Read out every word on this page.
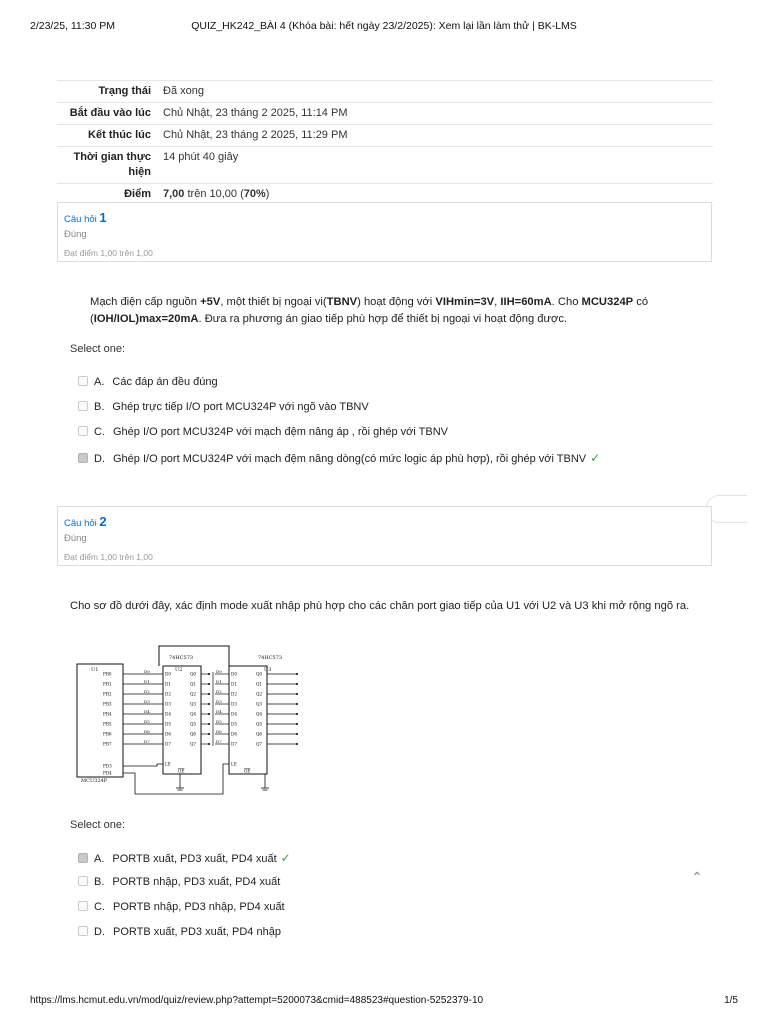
2/23/25, 11:30 PM	QUIZ_HK242_BÀI 4 (Khóa bài: hết ngày 23/2/2025): Xem lại lần làm thử | BK-LMS
Trạng thái	Đã xong
Bắt đầu vào lúc	Chủ Nhật, 23 tháng 2 2025, 11:14 PM
Kết thúc lúc	Chủ Nhật, 23 tháng 2 2025, 11:29 PM
Thời gian thực hiện	14 phút 40 giây
Điểm	7,00 trên 10,00 (70%)
Câu hỏi 1
Đúng
Đạt điểm 1,00 trên 1,00
Mạch điện cấp nguồn +5V, một thiết bị ngoại vi(TBNV) hoạt động với VIHmin=3V, IIH=60mA. Cho MCU324P có (IOH/IOL)max=20mA. Đưa ra phương án giao tiếp phù hợp để thiết bị ngoại vi hoạt động được.
Select one:
A. Các đáp án đều đúng
B. Ghép trực tiếp I/O port MCU324P với ngõ vào TBNV
C. Ghép I/O port MCU324P với mạch đệm nâng áp , rồi ghép với TBNV
D. Ghép I/O port MCU324P với mạch đệm nâng dòng(có mức logic áp phù hợp), rồi ghép với TBNV ✓
Câu hỏi 2
Đúng
Đạt điểm 1,00 trên 1,00
Cho sơ đồ dưới đây, xác định mode xuất nhập phù hợp cho các chân port giao tiếp của U1 với U2 và U3 khi mở rộng ngõ ra.
U1
MCU324P
PB0
PB1
PB2
PB3
PB4
PB5
PB6
PB7
PD3
PD4
D0	D0
D1	D1
D2	D2
D3	D3
D4	D4
D5	D5
D6	D6
D7	D7
74HC573
U2
74HC573
U3
D0
D1
D2
D3
D4
D5
D6
D7
Q0
Q1
Q2
Q3
Q4
Q5
Q6
Q7
LE
OE
D0
D1
D2
D3
D4
D5
D6
D7
Q0
Q1
Q2
Q3
Q4
Q5
Q6
Q7
LE
OE
Select one:
A. PORTB xuất, PD3 xuất, PD4 xuất ✓
B. PORTB nhập, PD3 xuất, PD4 xuất
C. PORTB nhập, PD3 nhập, PD4 xuất
D. PORTB xuất, PD3 xuất, PD4 nhập
⌃
https://lms.hcmut.edu.vn/mod/quiz/review.php?attempt=5200073&cmid=488523#question-5252379-10	1/5
